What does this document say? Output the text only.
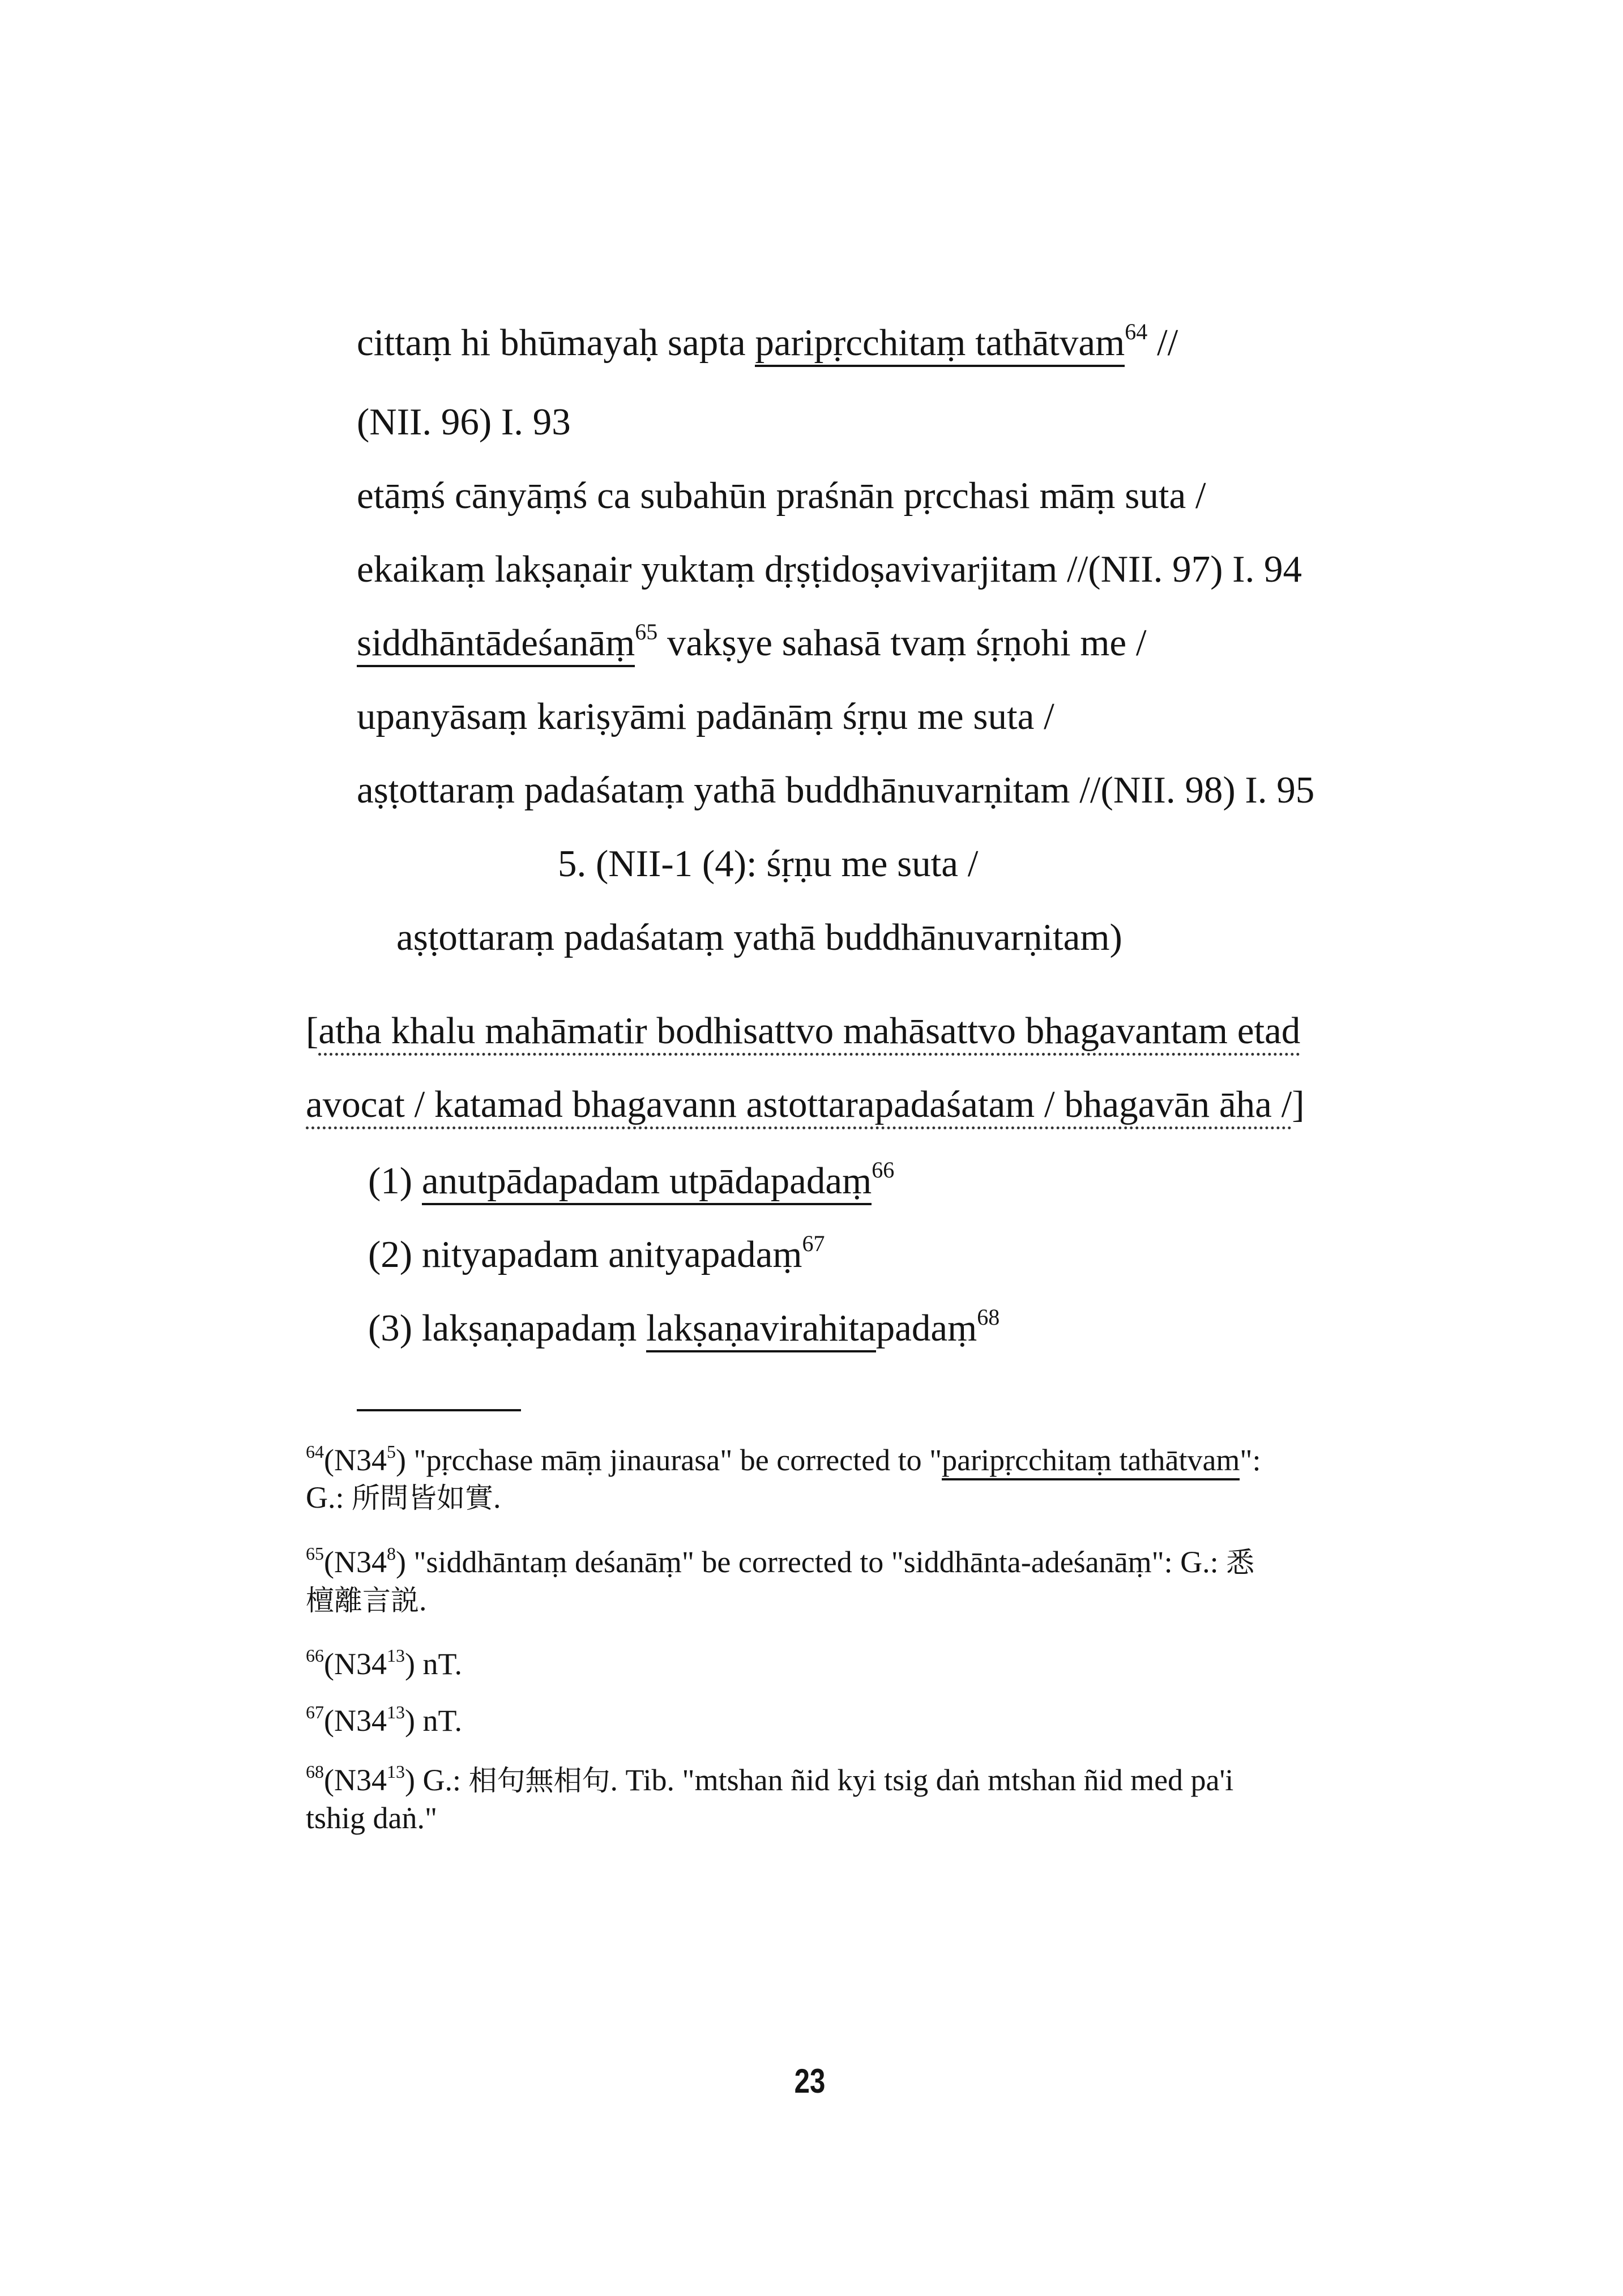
cittaṃ hi bhūmayaḥ sapta paripṛcchitaṃ tathātvam$^{64}$ //
(NII. 96) I. 93
etāṃś cānyāṃś ca subahūn praśnān pṛcchasi māṃ suta /
ekaikaṃ lakṣaṇair yuktaṃ dṛṣṭidoṣavivarjitam //(NII. 97) I. 94
siddhāntādeśanāṃ$^{65}$ vakṣye sahasā tvaṃ śṛṇohi me /
upanyāsaṃ kariṣyāmi padānāṃ śṛṇu me suta /
aṣṭottaraṃ padaśataṃ yathā buddhānuvarṇitam //(NII. 98) I. 95
5. (NII-1 (4): śṛṇu me suta /
aṣṭottaraṃ padaśataṃ yathā buddhānuvarṇitam)
[atha khalu mahāmatir bodhisattvo mahāsattvo bhagavantam etad
avocat / katamad bhagavann astottarapadaśatam / bhagavān āha /]
(1) anutpādapadam utpādapadaṃ$^{66}$
(2) nityapadam anityapadaṃ$^{67}$
(3) lakṣaṇapadaṃ lakṣaṇavirahitapadaṃ$^{68}$
$^{64}(N34^5)$ "pṛcchase māṃ jinaurasa" be corrected to "paripṛcchitaṃ tathātvam":
G.: 所問皆如實.
$^{65}(N34^8)$ "siddhāntaṃ deśanāṃ" be corrected to "siddhānta-adeśanāṃ": G.: 悉
檀離言説.
$^{66}(N34^{13})$ nT.
$^{67}(N34^{13})$ nT.
$^{68}(N34^{13})$ G.: 相句無相句. Tib. "mtshan ñid kyi tsig daṅ mtshan ñid med pa'i
tshig daṅ."
23
